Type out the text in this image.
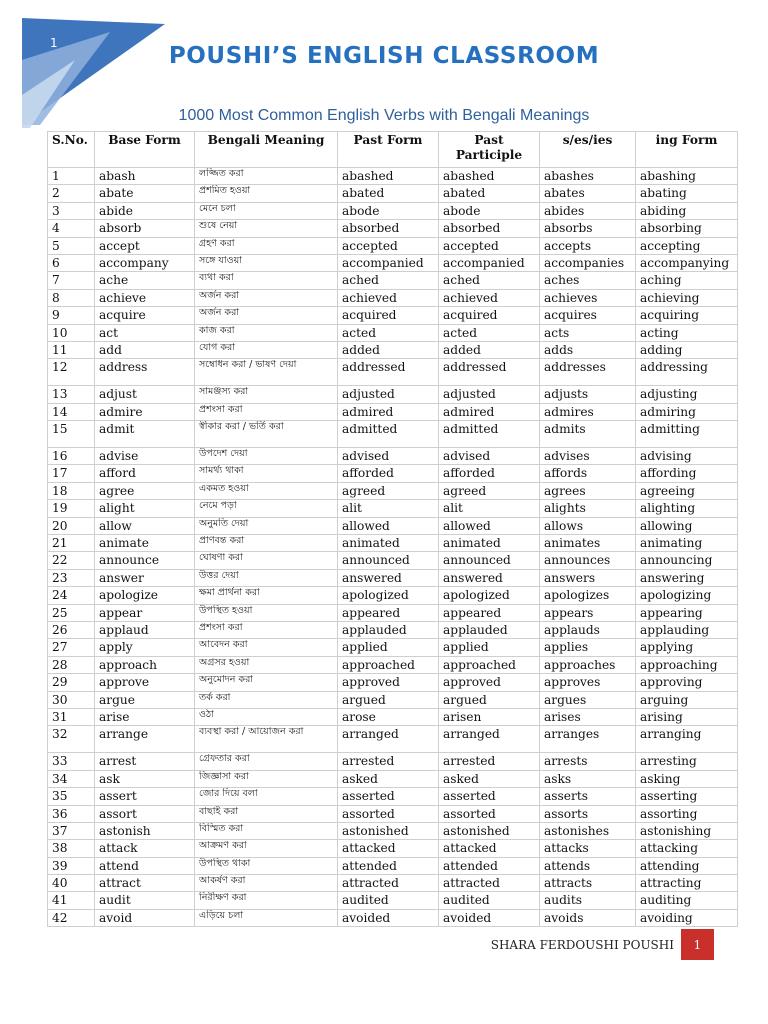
1	POUSHI’S ENGLISH CLASSROOM
1000 Most Common English Verbs with Bengali Meanings
S.No.	Base Form	Bengali Meaning	Past Form	Past Participle	s/es/ies	ing Form
1	abash	লজ্জিত করা	abashed	abashed	abashes	abashing
2	abate	প্রশমিত হওয়া	abated	abated	abates	abating
3	abide	মেনে চলা	abode	abode	abides	abiding
4	absorb	শুষে নেয়া	absorbed	absorbed	absorbs	absorbing
5	accept	গ্রহণ করা	accepted	accepted	accepts	accepting
6	accompany	সঙ্গে যাওয়া	accompanied	accompanied	accompanies	accompanying
7	ache	ব্যথা করা	ached	ached	aches	aching
8	achieve	অর্জন করা	achieved	achieved	achieves	achieving
9	acquire	অর্জন করা	acquired	acquired	acquires	acquiring
10	act	কাজ করা	acted	acted	acts	acting
11	add	যোগ করা	added	added	adds	adding
12	address	সম্বোধন করা / ভাষণ দেয়া	addressed	addressed	addresses	addressing
13	adjust	সামঞ্জস্য করা	adjusted	adjusted	adjusts	adjusting
14	admire	প্রশংসা করা	admired	admired	admires	admiring
15	admit	স্বীকার করা / ভর্তি করা	admitted	admitted	admits	admitting
16	advise	উপদেশ দেয়া	advised	advised	advises	advising
17	afford	সামর্থ্য থাকা	afforded	afforded	affords	affording
18	agree	একমত হওয়া	agreed	agreed	agrees	agreeing
19	alight	নেমে পড়া	alit	alit	alights	alighting
20	allow	অনুমতি দেয়া	allowed	allowed	allows	allowing
21	animate	প্রাণবন্ত করা	animated	animated	animates	animating
22	announce	ঘোষণা করা	announced	announced	announces	announcing
23	answer	উত্তর দেয়া	answered	answered	answers	answering
24	apologize	ক্ষমা প্রার্থনা করা	apologized	apologized	apologizes	apologizing
25	appear	উপস্থিত হওয়া	appeared	appeared	appears	appearing
26	applaud	প্রশংসা করা	applauded	applauded	applauds	applauding
27	apply	আবেদন করা	applied	applied	applies	applying
28	approach	অগ্রসর হওয়া	approached	approached	approaches	approaching
29	approve	অনুমোদন করা	approved	approved	approves	approving
30	argue	তর্ক করা	argued	argued	argues	arguing
31	arise	ওঠা	arose	arisen	arises	arising
32	arrange	ব্যবস্থা করা / আয়োজন করা	arranged	arranged	arranges	arranging
33	arrest	গ্রেফতার করা	arrested	arrested	arrests	arresting
34	ask	জিজ্ঞাসা করা	asked	asked	asks	asking
35	assert	জোর দিয়ে বলা	asserted	asserted	asserts	asserting
36	assort	বাছাই করা	assorted	assorted	assorts	assorting
37	astonish	বিস্মিত করা	astonished	astonished	astonishes	astonishing
38	attack	আক্রমণ করা	attacked	attacked	attacks	attacking
39	attend	উপস্থিত থাকা	attended	attended	attends	attending
40	attract	আকর্ষণ করা	attracted	attracted	attracts	attracting
41	audit	নিরীক্ষণ করা	audited	audited	audits	auditing
42	avoid	এড়িয়ে চলা	avoided	avoided	avoids	avoiding
SHARA FERDOUSHI POUSHI	1
